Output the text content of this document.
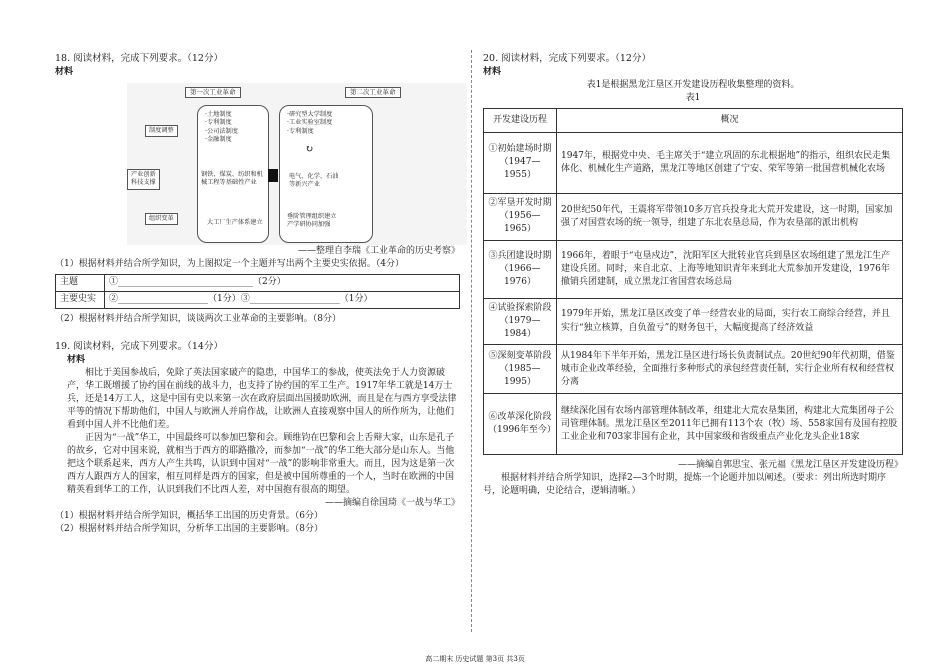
18. 阅读材料，完成下列要求。（12分）

材料

第一次工业革命	第二次工业革命
制度调整
产业创新
科技支撑
组织变革
·土地制度
·专利制度
·公司法制度
·金融制度
钢铁、煤炭、纺织和机
械工程等基础性产业
大工厂生产体系建立
·研究型大学制度
·工业实验室制度
·专利制度
电气、化学、石油
等新兴产业
垂阶管理组织建立
产学研协同加强
↻

——整理自李瑞《工业革命的历史考察》

（1）根据材料并结合所学知识，为上图拟定一个主题并写出两个主要史实依据。（4分）

主题	①______________________________（2分）
主要史实	②____________________（1分）③____________________（1分）

（2）根据材料并结合所学知识，谈谈两次工业革命的主要影响。（8分）

19. 阅读材料，完成下列要求。（14分）

材料

相比于美国参战后，免除了英法国家破产的隐患，中国华工的参战，使英法免于人力资源破产，华工既增援了协约国在前线的战斗力，也支持了协约国的军工生产。1917年华工就是14万士兵，还是14万工人，这是中国有史以来第一次在政府层面出国援助欧洲，而且是在与西方享受法律平等的情况下帮助他们，中国人与欧洲人并肩作战，让欧洲人直接观察中国人的所作所为，让他们看到中国人并不比他们差。

正因为“一战”华工，中国最终可以参加巴黎和会。顾维钧在巴黎和会上舌辩大家，山东是孔子的故乡，它对中国来说，就相当于西方的耶路撒冷，而参加“一战”的华工绝大部分是山东人。当他把这个联系起来，西方人产生共鸣，认识到中国对“一战”的影响非常重大。而且，因为这是第一次西方人跟西方人的国家，相互同样是西方的国家，但是被中国所尊重的一个人，当时在欧洲的中国精英看到华工的工作，认识到我们不比西人差，对中国抱有很高的期望。

——摘编自徐国琦《一战与华工》

（1）根据材料并结合所学知识，概括华工出国的历史背景。（6分）

（2）根据材料并结合所学知识，分析华工出国的主要影响。（8分）

20. 阅读材料，完成下列要求。（12分）

材料

表1是根据黑龙江垦区开发建设历程收集整理的资料。

表1

开发建设历程	概况
①初始建场时期（1947—1955）	1947年，根据党中央、毛主席关于“建立巩固的东北根据地”的指示，组织农民走集体化、机械化生产道路，黑龙江等地区创建了宁安、荣军等第一批国营机械化农场
②军垦开发时期（1956—1965）	20世纪50年代，王震将军带领10多万官兵投身北大荒开发建设，这一时期，国家加强了对国营农场的统一领导，组建了东北农垦总局，作为农垦部的派出机构
③兵团建设时期（1966—1976）	1966年，着眼于“屯垦戍边”，沈阳军区大批转业官兵到垦区农场组建了黑龙江生产建设兵团。同时，来自北京、上海等地知识青年来到北大荒参加开发建设，1976年撤销兵团建制，成立黑龙江省国营农场总局
④试验探索阶段（1979—1984）	1979年开始，黑龙江垦区改变了单一经营农业的局面，实行农工商综合经营，并且实行“独立核算，自负盈亏”的财务包干，大幅度提高了经济效益
⑤深刻变革阶段（1985—1995）	从1984年下半年开始，黑龙江垦区进行场长负责制试点。20世纪90年代初期，借鉴城市企业改革经验，全面推行多种形式的承包经营责任制，实行企业所有权和经营权分离
⑥改革深化阶段（1996年至今）	继续深化国有农场内部管理体制改革，组建北大荒农垦集团，构建北大荒集团母子公司管理体制。黑龙江垦区至2011年已拥有113个农（牧）场、558家国有及国有控股工业企业和703家非国有企业，其中国家级和省级重点产业化龙头企业18家

——摘编自郭思宝、张元福《黑龙江垦区开发建设历程》

根据材料并结合所学知识，选择2—3个时期，提炼一个论题并加以阐述。（要求：列出所选时期序号，论题明确，史论结合，逻辑清晰。）

高二期末 历史试题 第3页 共3页
